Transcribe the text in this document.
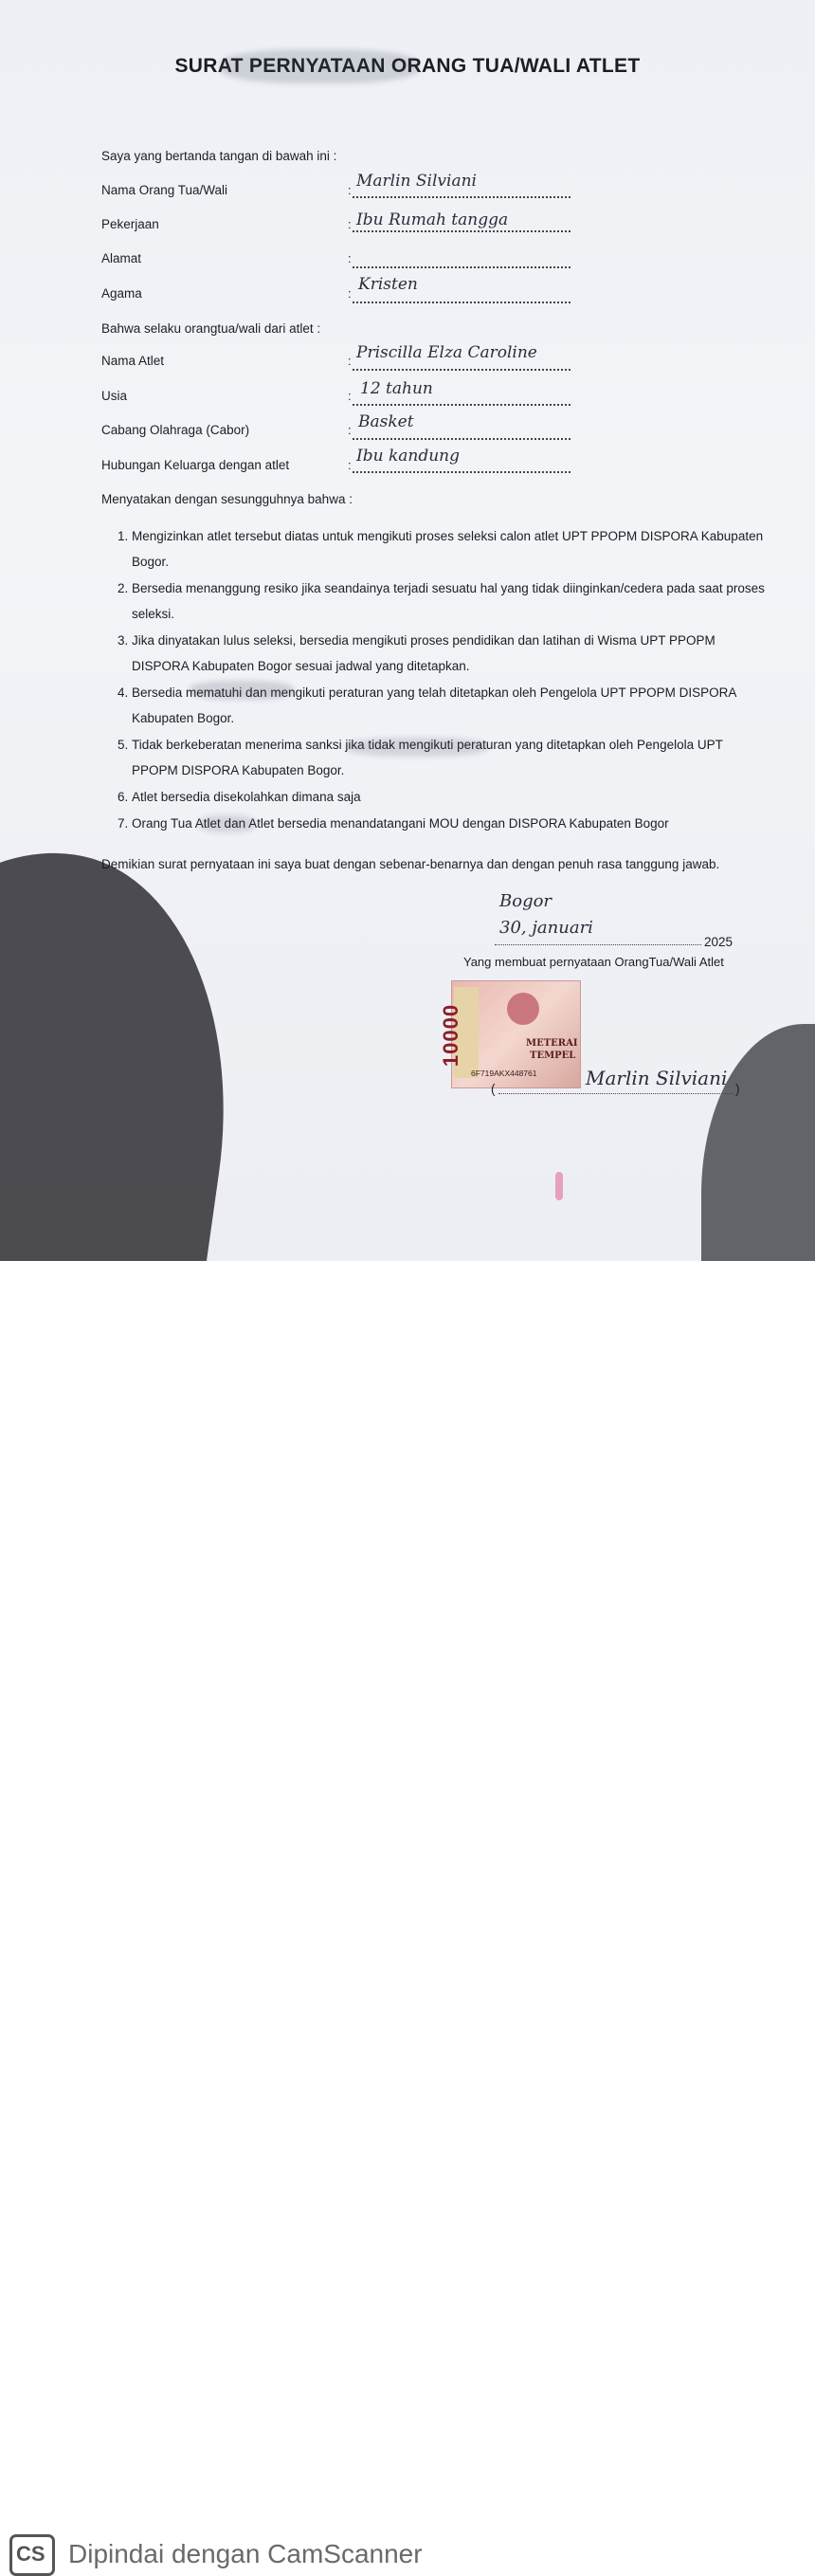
SURAT PERNYATAAN ORANG TUA/WALI ATLET
Saya yang bertanda tangan di bawah ini :
Nama Orang Tua/Wali	: Marlin Silviani
Pekerjaan	: Ibu Rumah tangga
Alamat	:
Agama	: Kristen
Bahwa selaku orangtua/wali dari atlet :
Nama Atlet	: Priscilla Elza Caroline
Usia	: 12 tahun
Cabang Olahraga (Cabor)	: Basket
Hubungan Keluarga dengan atlet	: Ibu kandung
Menyatakan dengan sesungguhnya bahwa :
1. Mengizinkan atlet tersebut diatas untuk mengikuti proses seleksi calon atlet UPT PPOPM DISPORA Kabupaten Bogor.
2. Bersedia menanggung resiko jika seandainya terjadi sesuatu hal yang tidak diinginkan/cedera pada saat proses seleksi.
3. Jika dinyatakan lulus seleksi, bersedia mengikuti proses pendidikan dan latihan di Wisma UPT PPOPM DISPORA Kabupaten Bogor sesuai jadwal yang ditetapkan.
4. Bersedia mematuhi dan mengikuti peraturan yang telah ditetapkan oleh Pengelola UPT PPOPM DISPORA Kabupaten Bogor.
5. Tidak berkeberatan menerima sanksi jika tidak mengikuti peraturan yang ditetapkan oleh Pengelola UPT PPOPM DISPORA Kabupaten Bogor.
6. Atlet bersedia disekolahkan dimana saja
7. Orang Tua Atlet dan Atlet bersedia menandatangani MOU dengan DISPORA Kabupaten Bogor
Demikian surat pernyataan ini saya buat dengan sebenar-benarnya dan dengan penuh rasa tanggung jawab.
Bogor
30, januari
2025
Yang membuat pernyataan OrangTua/Wali Atlet
10000	METERAI
TEMPEL
6F719AKX448761
(	Marlin Silviani )
CS Dipindai dengan CamScanner
